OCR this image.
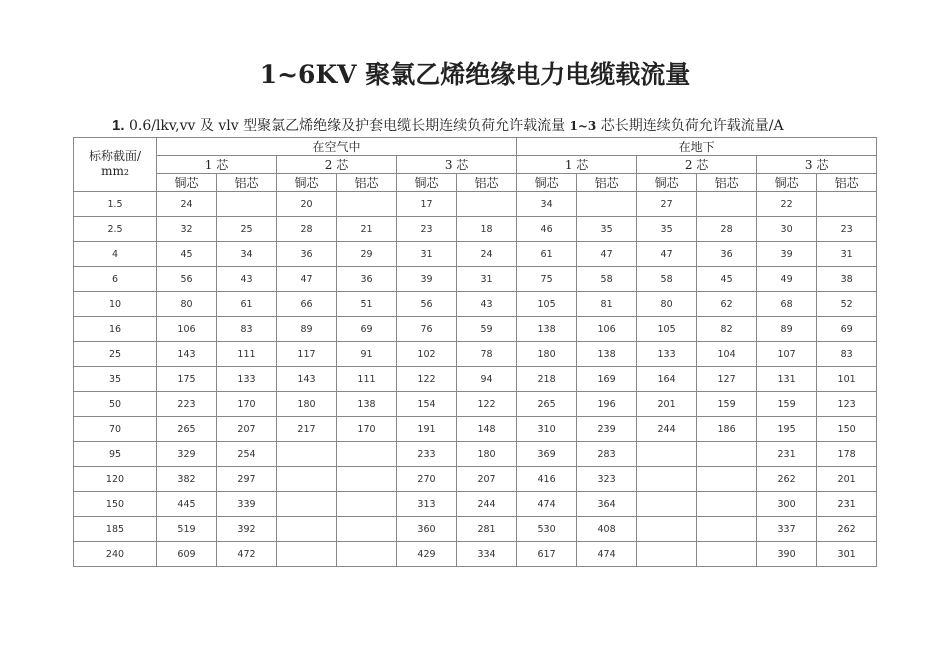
1~6KV 聚氯乙烯绝缘电力电缆载流量
1. 0.6/lkv,vv 及 vlv 型聚氯乙烯绝缘及护套电缆长期连续负荷允许载流量 1~3 芯长期连续负荷允许载流量/A
标称截面/
mm2	在空气中						在地下					
	1 芯		2 芯		3 芯		1 芯		2 芯		3 芯	
	铜芯	铝芯	铜芯	铝芯	铜芯	铝芯	铜芯	铝芯	铜芯	铝芯	铜芯	铝芯
1.5	24		20		17		34		27		22	
2.5	32	25	28	21	23	18	46	35	35	28	30	23
4	45	34	36	29	31	24	61	47	47	36	39	31
6	56	43	47	36	39	31	75	58	58	45	49	38
10	80	61	66	51	56	43	105	81	80	62	68	52
16	106	83	89	69	76	59	138	106	105	82	89	69
25	143	111	117	91	102	78	180	138	133	104	107	83
35	175	133	143	111	122	94	218	169	164	127	131	101
50	223	170	180	138	154	122	265	196	201	159	159	123
70	265	207	217	170	191	148	310	239	244	186	195	150
95	329	254			233	180	369	283			231	178
120	382	297			270	207	416	323			262	201
150	445	339			313	244	474	364			300	231
185	519	392			360	281	530	408			337	262
240	609	472			429	334	617	474			390	301
